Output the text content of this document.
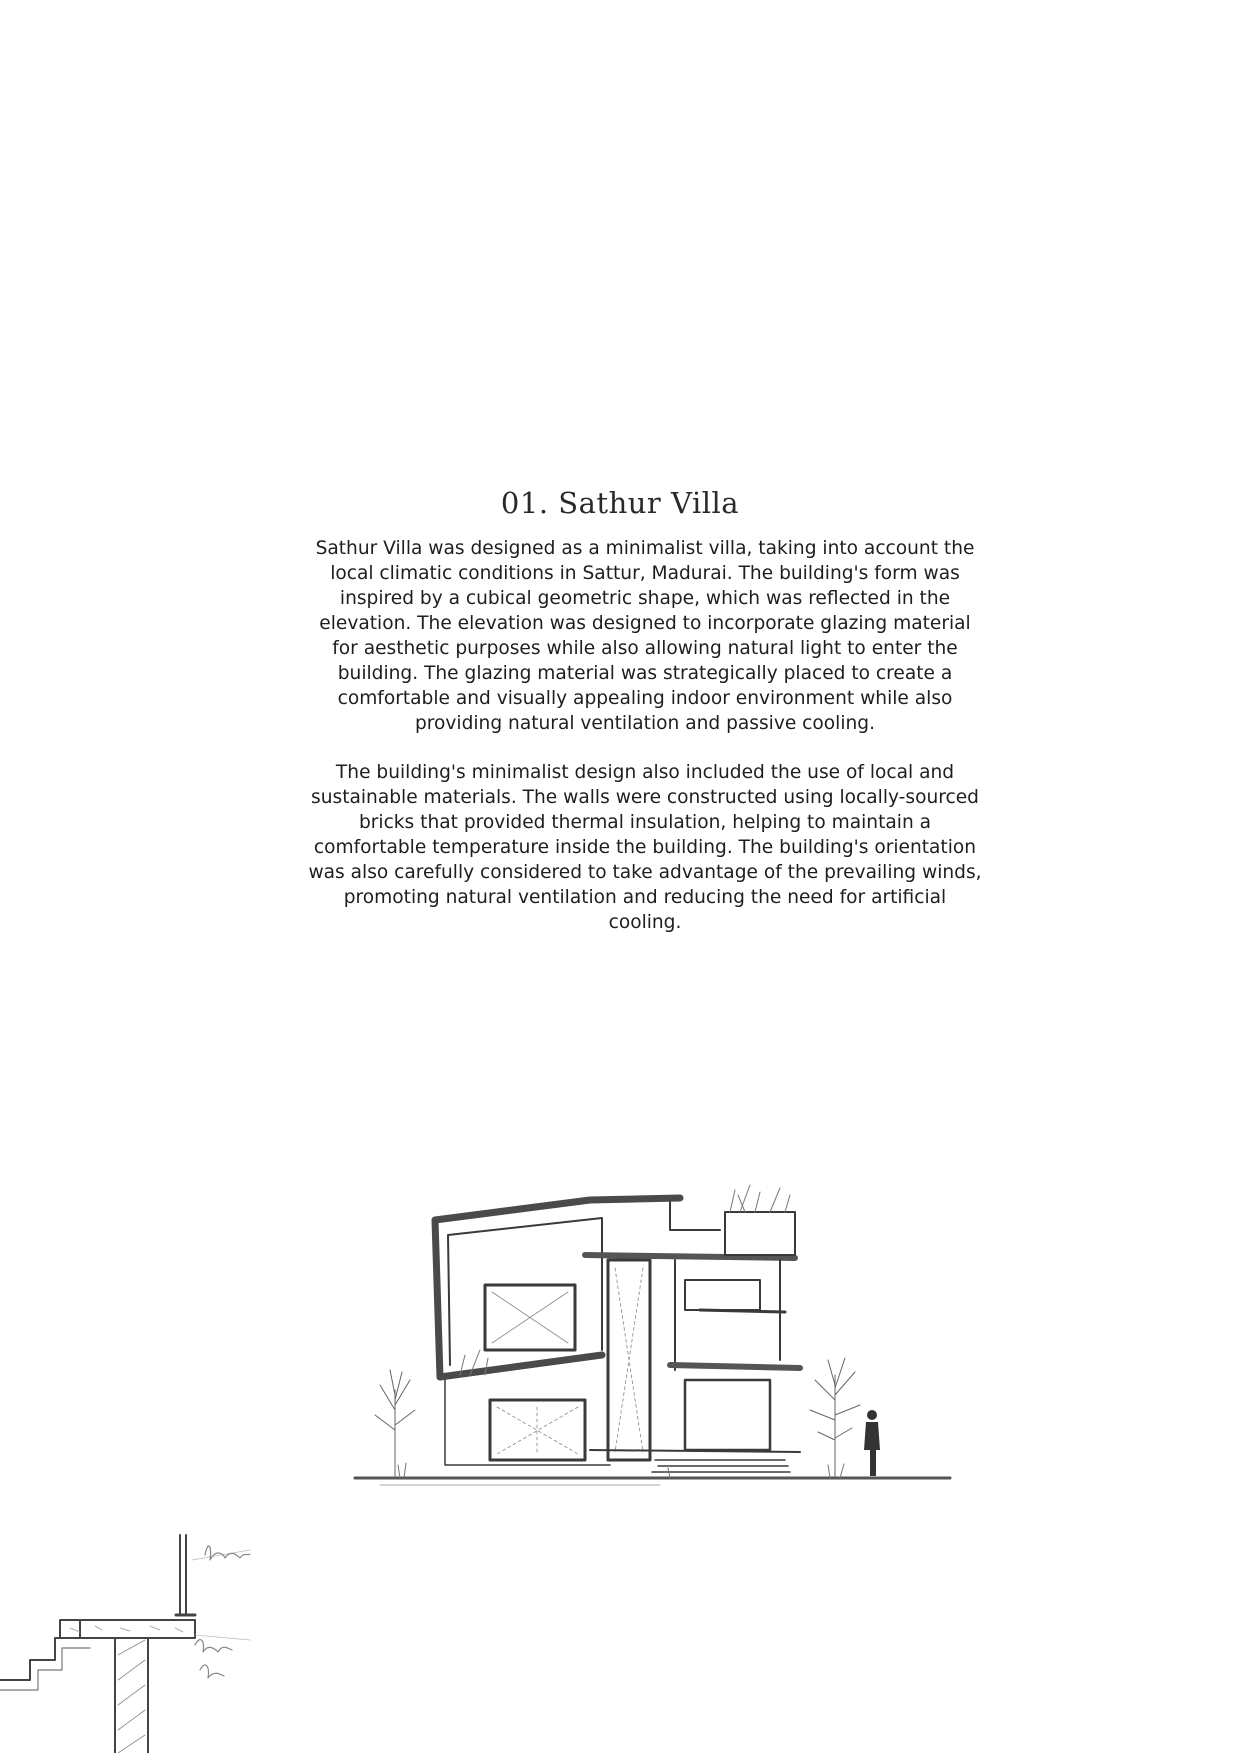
01. Sathur Villa

Sathur Villa was designed as a minimalist villa, taking into account the local climatic conditions in Sattur, Madurai. The building's form was inspired by a cubical geometric shape, which was reflected in the elevation. The elevation was designed to incorporate glazing material for aesthetic purposes while also allowing natural light to enter the building. The glazing material was strategically placed to create a comfortable and visually appealing indoor environment while also providing natural ventilation and passive cooling.

The building's minimalist design also included the use of local and sustainable materials. The walls were constructed using locally-sourced bricks that provided thermal insulation, helping to maintain a comfortable temperature inside the building. The building's orientation was also carefully considered to take advantage of the prevailing winds, promoting natural ventilation and reducing the need for artificial cooling.
